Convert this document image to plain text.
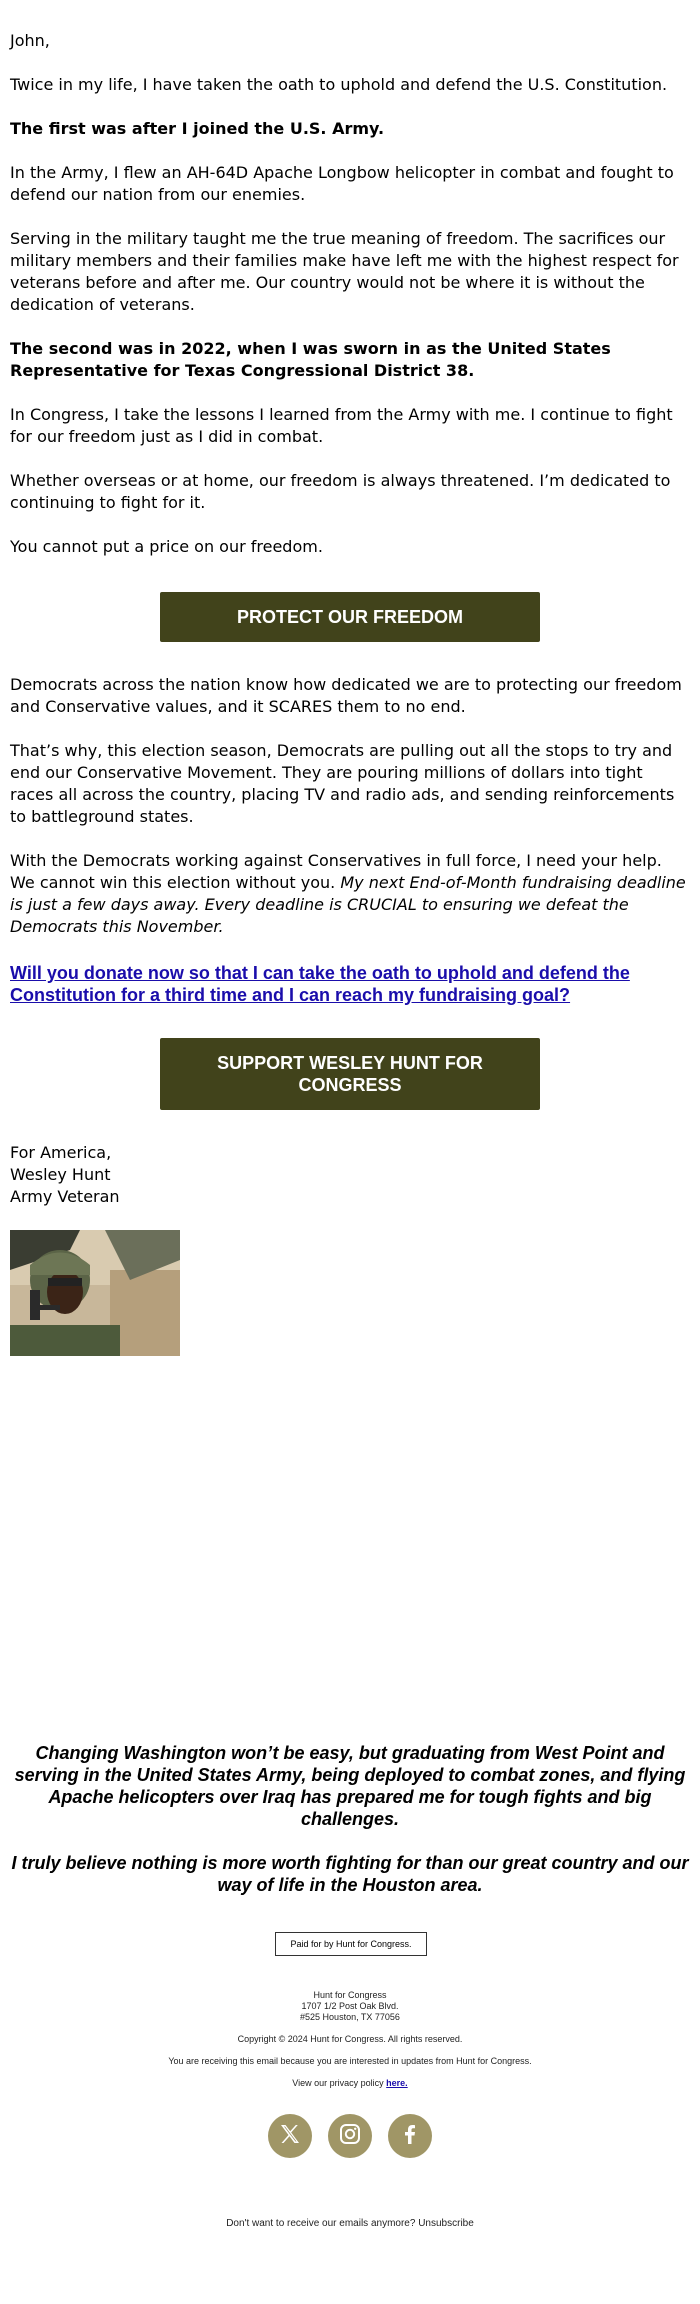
John,
Twice in my life, I have taken the oath to uphold and defend the U.S. Constitution.
The first was after I joined the U.S. Army.
In the Army, I flew an AH-64D Apache Longbow helicopter in combat and fought to defend our nation from our enemies.
Serving in the military taught me the true meaning of freedom. The sacrifices our military members and their families make have left me with the highest respect for veterans before and after me. Our country would not be where it is without the dedication of veterans.
The second was in 2022, when I was sworn in as the United States Representative for Texas Congressional District 38.
In Congress, I take the lessons I learned from the Army with me. I continue to fight for our freedom just as I did in combat.
Whether overseas or at home, our freedom is always threatened. I’m dedicated to continuing to fight for it.
You cannot put a price on our freedom.
PROTECT OUR FREEDOM
Democrats across the nation know how dedicated we are to protecting our freedom and Conservative values, and it SCARES them to no end.
That’s why, this election season, Democrats are pulling out all the stops to try and end our Conservative Movement. They are pouring millions of dollars into tight races all across the country, placing TV and radio ads, and sending reinforcements to battleground states.
With the Democrats working against Conservatives in full force, I need your help. We cannot win this election without you. My next End-of-Month fundraising deadline is just a few days away. Every deadline is CRUCIAL to ensuring we defeat the Democrats this November.
Will you donate now so that I can take the oath to uphold and defend the Constitution for a third time and I can reach my fundraising goal?
SUPPORT WESLEY HUNT FOR CONGRESS
For America,
Wesley Hunt
Army Veteran
Changing Washington won’t be easy, but graduating from West Point and serving in the United States Army, being deployed to combat zones, and flying Apache helicopters over Iraq has prepared me for tough fights and big challenges.
I truly believe nothing is more worth fighting for than our great country and our way of life in the Houston area.
Paid for by Hunt for Congress.
Hunt for Congress
1707 1/2 Post Oak Blvd.
#525 Houston, TX 77056
Copyright © 2024 Hunt for Congress. All rights reserved.
You are receiving this email because you are interested in updates from Hunt for Congress.
View our privacy policy here.
Don't want to receive our emails anymore? Unsubscribe
